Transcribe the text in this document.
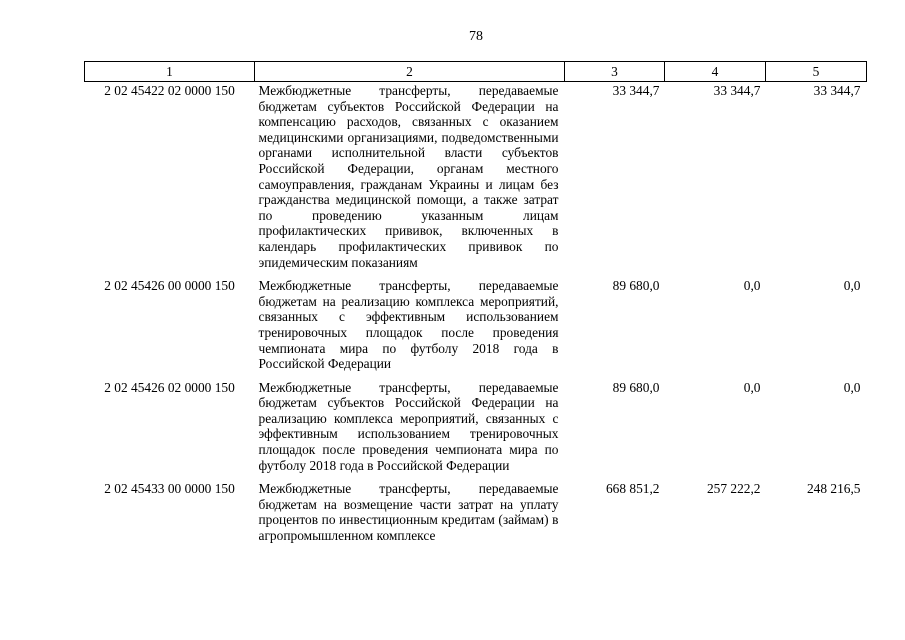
78
1	2	3	4	5
2 02 45422 02 0000 150	Межбюджетные трансферты, передаваемые бюджетам субъектов Российской Федерации на компенсацию расходов, связанных с оказанием медицинскими организациями, подведомственными органами исполнительной власти субъектов Российской Федерации, органам местного самоуправления, гражданам Украины и лицам без гражданства медицинской помощи, а также затрат по проведению указанным лицам профилактических прививок, включенных в календарь профилактических прививок по эпидемическим показаниям	33 344,7	33 344,7	33 344,7
2 02 45426 00 0000 150	Межбюджетные трансферты, передаваемые бюджетам на реализацию комплекса мероприятий, связанных с эффективным использованием тренировочных площадок после проведения чемпионата мира по футболу 2018 года в Российской Федерации	89 680,0	0,0	0,0
2 02 45426 02 0000 150	Межбюджетные трансферты, передаваемые бюджетам субъектов Российской Федерации на реализацию комплекса мероприятий, связанных с эффективным использованием тренировочных площадок после проведения чемпионата мира по футболу 2018 года в Российской Федерации	89 680,0	0,0	0,0
2 02 45433 00 0000 150	Межбюджетные трансферты, передаваемые бюджетам на возмещение части затрат на уплату процентов по инвестиционным кредитам (займам) в агропромышленном комплексе	668 851,2	257 222,2	248 216,5
